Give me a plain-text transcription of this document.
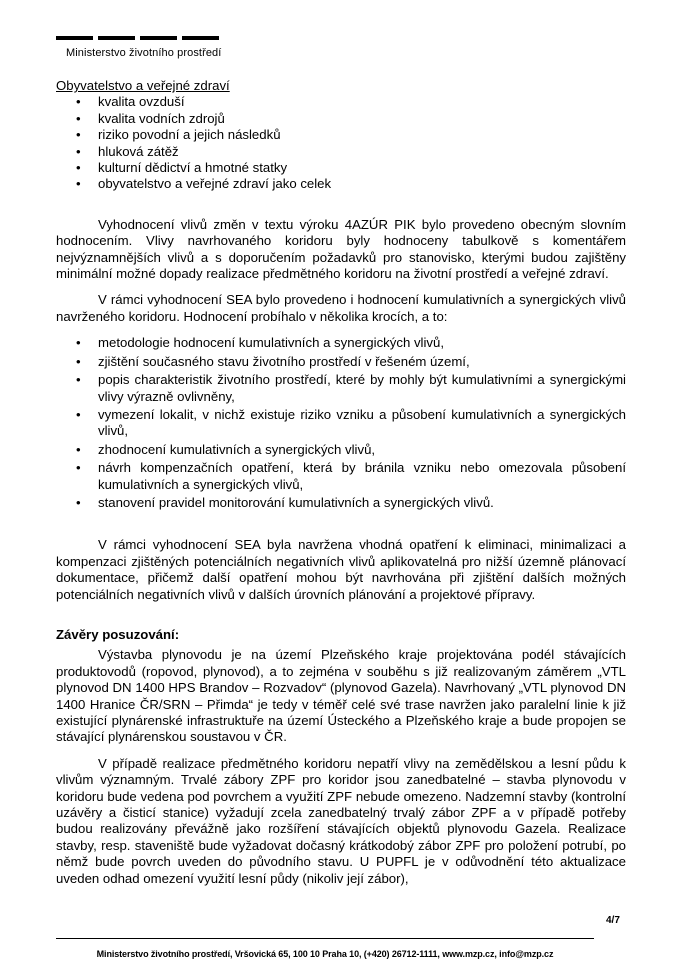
Ministerstvo životního prostředí

Obyvatelstvo a veřejné zdraví

• kvalita ovzduší
• kvalita vodních zdrojů
• riziko povodní a jejich následků
• hluková zátěž
• kulturní dědictví a hmotné statky
• obyvatelstvo a veřejné zdraví jako celek

Vyhodnocení vlivů změn v textu výroku 4AZÚR PIK bylo provedeno obecným slovním hodnocením. Vlivy navrhovaného koridoru byly hodnoceny tabulkově s komentářem nejvýznamnějších vlivů a s doporučením požadavků pro stanovisko, kterými budou zajištěny minimální možné dopady realizace předmětného koridoru na životní prostředí a veřejné zdraví.

V rámci vyhodnocení SEA bylo provedeno i hodnocení kumulativních a synergických vlivů navrženého koridoru. Hodnocení probíhalo v několika krocích, a to:

• metodologie hodnocení kumulativních a synergických vlivů,
• zjištění současného stavu životního prostředí v řešeném území,
• popis charakteristik životního prostředí, které by mohly být kumulativními a synergickými vlivy výrazně ovlivněny,
• vymezení lokalit, v nichž existuje riziko vzniku a působení kumulativních a synergických vlivů,
• zhodnocení kumulativních a synergických vlivů,
• návrh kompenzačních opatření, která by bránila vzniku nebo omezovala působení kumulativních a synergických vlivů,
• stanovení pravidel monitorování kumulativních a synergických vlivů.

V rámci vyhodnocení SEA byla navržena vhodná opatření k eliminaci, minimalizaci a kompenzaci zjištěných potenciálních negativních vlivů aplikovatelná pro nižší územně plánovací dokumentace, přičemž další opatření mohou být navrhována při zjištění dalších možných potenciálních negativních vlivů v dalších úrovních plánování a projektové přípravy.

Závěry posuzování:

Výstavba plynovodu je na území Plzeňského kraje projektována podél stávajících produktovodů (ropovod, plynovod), a to zejména v souběhu s již realizovaným záměrem „VTL plynovod DN 1400 HPS Brandov – Rozvadov“ (plynovod Gazela). Navrhovaný „VTL plynovod DN 1400 Hranice ČR/SRN – Přimda“ je tedy v téměř celé své trase navržen jako paralelní linie k již existující plynárenské infrastruktuře na území Ústeckého a Plzeňského kraje a bude propojen se stávající plynárenskou soustavou v ČR.

V případě realizace předmětného koridoru nepatří vlivy na zemědělskou a lesní půdu k vlivům významným. Trvalé zábory ZPF pro koridor jsou zanedbatelné – stavba plynovodu v koridoru bude vedena pod povrchem a využití ZPF nebude omezeno. Nadzemní stavby (kontrolní uzávěry a čisticí stanice) vyžadují zcela zanedbatelný trvalý zábor ZPF a v případě potřeby budou realizovány převážně jako rozšíření stávajících objektů plynovodu Gazela. Realizace stavby, resp. staveniště bude vyžadovat dočasný krátkodobý zábor ZPF pro položení potrubí, po němž bude povrch uveden do původního stavu. U PUPFL je v odůvodnění této aktualizace uveden odhad omezení využití lesní půdy (nikoliv její zábor),

4/7
Ministerstvo životního prostředí, Vršovická 65, 100 10 Praha 10, (+420) 26712-1111, www.mzp.cz, info@mzp.cz
